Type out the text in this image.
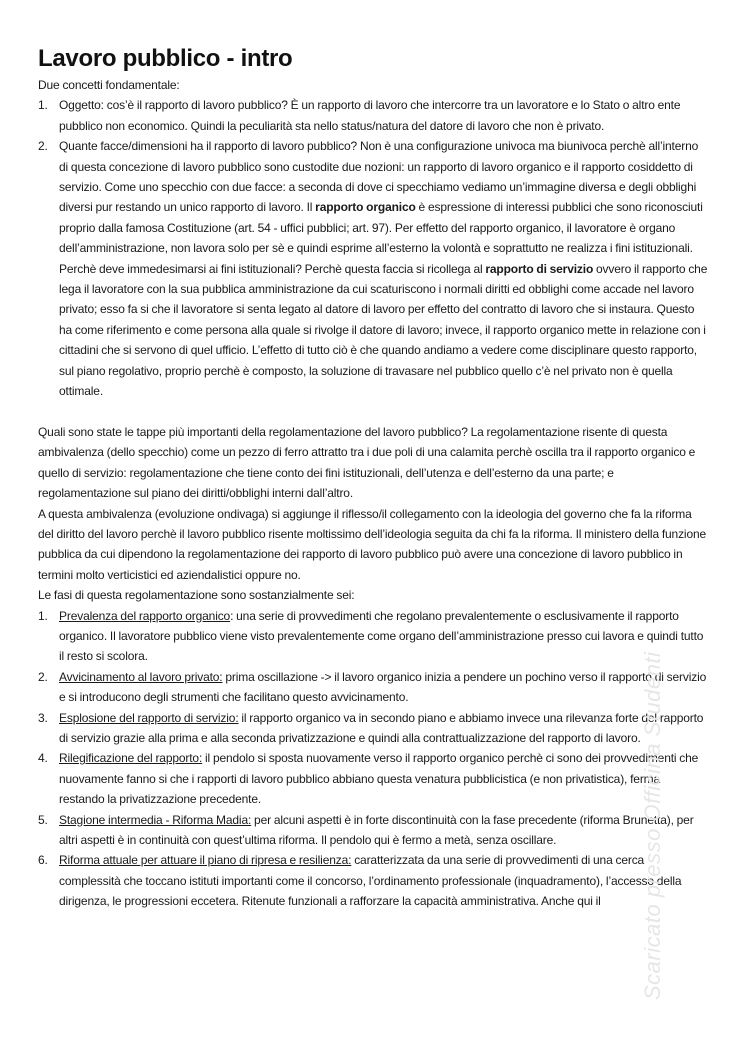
Lavoro pubblico - intro

Due concetti fondamentale:

1. Oggetto: cos’è il rapporto di lavoro pubblico? È un rapporto di lavoro che intercorre tra un lavoratore e lo Stato o altro ente pubblico non economico. Quindi la peculiarità sta nello status/natura del datore di lavoro che non è privato.
2. Quante facce/dimensioni ha il rapporto di lavoro pubblico? Non è una configurazione univoca ma biunivoca perchè all’interno di questa concezione di lavoro pubblico sono custodite due nozioni: un rapporto di lavoro organico e il rapporto cosiddetto di servizio. Come uno specchio con due facce: a seconda di dove ci specchiamo vediamo un’immagine diversa e degli obblighi diversi pur restando un unico rapporto di lavoro. Il rapporto organico è espressione di interessi pubblici che sono riconosciuti proprio dalla famosa Costituzione (art. 54 - uffici pubblici; art. 97). Per effetto del rapporto organico, il lavoratore è organo dell’amministrazione, non lavora solo per sè e quindi esprime all’esterno la volontà e soprattutto ne realizza i fini istituzionali. Perchè deve immedesimarsi ai fini istituzionali? Perchè questa faccia si ricollega al rapporto di servizio ovvero il rapporto che lega il lavoratore con la sua pubblica amministrazione da cui scaturiscono i normali diritti ed obblighi come accade nel lavoro privato; esso fa si che il lavoratore si senta legato al datore di lavoro per effetto del contratto di lavoro che si instaura. Questo ha come riferimento e come persona alla quale si rivolge il datore di lavoro; invece, il rapporto organico mette in relazione con i cittadini che si servono di quel ufficio. L’effetto di tutto ciò è che quando andiamo a vedere come disciplinare questo rapporto, sul piano regolativo, proprio perchè è composto, la soluzione di travasare nel pubblico quello c’è nel privato non è quella ottimale.

Quali sono state le tappe più importanti della regolamentazione del lavoro pubblico? La regolamentazione risente di questa ambivalenza (dello specchio) come un pezzo di ferro attratto tra i due poli di una calamita perchè oscilla tra il rapporto organico e quello di servizio: regolamentazione che tiene conto dei fini istituzionali, dell’utenza e dell’esterno da una parte; e regolamentazione sul piano dei diritti/obblighi interni dall’altro.

A questa ambivalenza (evoluzione ondivaga) si aggiunge il riflesso/il collegamento con la ideologia del governo che fa la riforma del diritto del lavoro perchè il lavoro pubblico risente moltissimo dell’ideologia seguita da chi fa la riforma. Il ministero della funzione pubblica da cui dipendono la regolamentazione dei rapporto di lavoro pubblico può avere una concezione di lavoro pubblico in termini molto verticistici ed aziendalistici oppure no.

Le fasi di questa regolamentazione sono sostanzialmente sei:

1. Prevalenza del rapporto organico: una serie di provvedimenti che regolano prevalentemente o esclusivamente il rapporto organico. Il lavoratore pubblico viene visto prevalentemente come organo dell’amministrazione presso cui lavora e quindi tutto il resto si scolora.
2. Avvicinamento al lavoro privato: prima oscillazione -> il lavoro organico inizia a pendere un pochino verso il rapporto di servizio e si introducono degli strumenti che facilitano questo avvicinamento.
3. Esplosione del rapporto di servizio: il rapporto organico va in secondo piano e abbiamo invece una rilevanza forte del rapporto di servizio grazie alla prima e alla seconda privatizzazione e quindi alla contrattualizzazione del rapporto di lavoro.
4. Rilegificazione del rapporto: il pendolo si sposta nuovamente verso il rapporto organico perchè ci sono dei provvedimenti che nuovamente fanno si che i rapporti di lavoro pubblico abbiano questa venatura pubblicistica (e non privatistica), ferma restando la privatizzazione precedente.
5. Stagione intermedia - Riforma Madia: per alcuni aspetti è in forte discontinuità con la fase precedente (riforma Brunetta), per altri aspetti è in continuità con quest’ultima riforma. Il pendolo qui è fermo a metà, senza oscillare.
6. Riforma attuale per attuare il piano di ripresa e resilienza: caratterizzata da una serie di provvedimenti di una cerca complessità che toccano istituti importanti come il concorso, l’ordinamento professionale (inquadramento), l’accesso della dirigenza, le progressioni eccetera. Ritenute funzionali a rafforzare la capacità amministrativa. Anche qui il	Scaricato presso Officina Studenti
